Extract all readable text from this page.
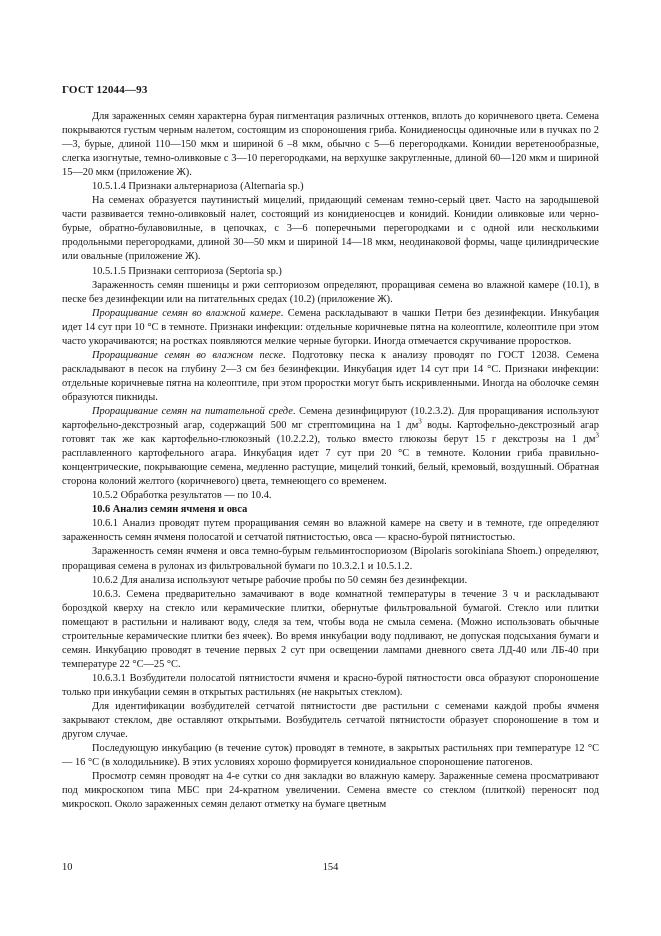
ГОСТ 12044—93

Для зараженных семян характерна бурая пигментация различных оттенков, вплоть до коричневого цвета. Семена покрываются густым черным налетом, состоящим из спороношения гриба. Конидиеносцы одиночные или в пучках по 2—3, бурые, длиной 110—150 мкм и шириной 6 –8 мкм, обычно с 5—6 перегородками. Конидии веретенообразные, слегка изогнутые, темно-оливковые с 3—10 перегородками, на верхушке закругленные, длиной 60—120 мкм и шириной 15—20 мкм (приложение Ж).

10.5.1.4 Признаки альтернариоза (Alternaria sp.)

На семенах образуется паутинистый мицелий, придающий семенам темно-серый цвет. Часто на зародышевой части развивается темно-оливковый налет, состоящий из конидиеносцев и конидий. Конидии оливковые или черно-бурые, обратно-булавовилные, в цепочках, с 3—6 поперечными перегородками и с одной или несколькими продольными перегородками, длиной 30—50 мкм и шириной 14—18 мкм, неодинаковой формы, чаще цилиндрические или овальные (приложение Ж).

10.5.1.5 Признаки септориоза (Septoria sp.)

Зараженность семян пшеницы и ржи септориозом определяют, проращивая семена во влажной камере (10.1), в песке без дезинфекции или на питательных средах (10.2) (приложение Ж).

Проращивание семян во влажной камере. Семена раскладывают в чашки Петри без дезинфекции. Инкубация идет 14 сут при 10 °С в темноте. Признаки инфекции: отдельные коричневые пятна на колеоптиле, колеоптиле при этом часто укорачиваются; на ростках появляются мелкие черные бугорки. Иногда отмечается скручивание проростков.

Проращивание семян во влажном песке. Подготовку песка к анализу проводят по ГОСТ 12038. Семена раскладывают в песок на глубину 2—3 см без безинфекции. Инкубация идет 14 сут при 14 °С. Признаки инфекции: отдельные коричневые пятна на колеоптиле, при этом проростки могут быть искривленными. Иногда на оболочке семян образуются пикниды.

Проращивание семян на питательной среде. Семена дезинфицируют (10.2.3.2). Для проращивания используют картофельно-декстрозный агар, содержащий 500 мг стрептомицина на 1 $дм^3$ воды. Картофельно-декстрозный агар готовят так же как картофельно-глюкозный (10.2.2.2), только вместо глюкозы берут 15 г декстрозы на 1 $дм^3$ расплавленного картофельного агара. Инкубация идет 7 сут при 20 °С в темноте. Колонии гриба правильно-концентрические, покрывающие семена, медленно растущие, мицелий тонкий, белый, кремовый, воздушный. Обратная сторона колоний желтого (коричневого) цвета, темнеющего со временем.

10.5.2 Обработка результатов — по 10.4.

10.6 Анализ семян ячменя и овса

10.6.1 Анализ проводят путем проращивания семян во влажной камере на свету и в темноте, где определяют зараженность семян ячменя полосатой и сетчатой пятнистостью, овса — красно-бурой пятнистостью.

Зараженность семян ячменя и овса темно-бурым гельминтоспориозом (Bipolaris sorokiniana Shoem.) определяют, проращивая семена в рулонах из фильтровальной бумаги по 10.3.2.1 и 10.5.1.2.

10.6.2 Для анализа используют четыре рабочие пробы по 50 семян без дезинфекции.

10.6.3. Семена предварительно замачивают в воде комнатной температуры в течение 3 ч и раскладывают бороздкой кверху на стекло или керамические плитки, обернутые фильтровальной бумагой. Стекло или плитки помещают в растильни и наливают воду, следя за тем, чтобы вода не смыла семена. (Можно использовать обычные строительные керамические плитки без ячеек). Во время инкубации воду подливают, не допуская подсыхания бумаги и семян. Инкубацию проводят в течение первых 2 сут при освещении лампами дневного света ЛД-40 или ЛБ-40 при температуре 22 °С—25 °С.

10.6.3.1 Возбудители полосатой пятнистости ячменя и красно-бурой пятностости овса образуют спороношение только при инкубации семян в открытых растильнях (не накрытых стеклом).

Для идентификации возбудителей сетчатой пятнистости две растильни с семенами каждой пробы ячменя закрывают стеклом, две оставляют открытыми. Возбудитель сетчатой пятнистости образует спороношение в том и другом случае.

Последующую инкубацию (в течение суток) проводят в темноте, в закрытых растильнях при температуре 12 °С — 16 °С (в холодильнике). В этих условиях хорошо формируется конидиальное спороношение патогенов.

Просмотр семян проводят на 4-е сутки со дня закладки во влажную камеру. Зараженные семена просматривают под микроскопом типа МБС при 24-кратном увеличении. Семена вместе со стеклом (плиткой) переносят под микроскоп. Около зараженных семян делают отметку на бумаге цветным

10	154
